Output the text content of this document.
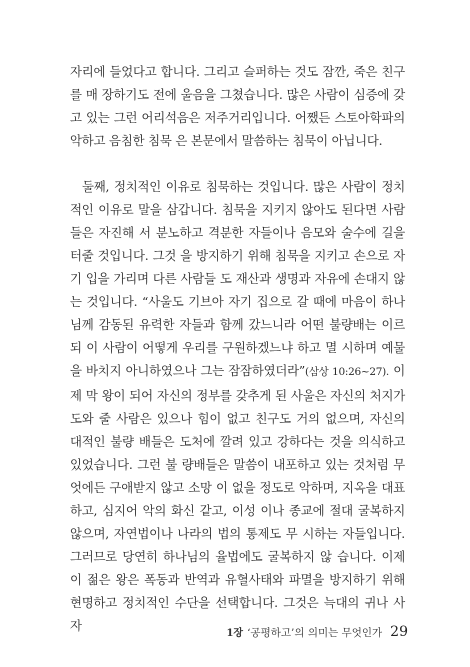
자리에 들었다고 합니다. 그리고 슬퍼하는 것도 잠깐, 죽은 친구를 매 장하기도 전에 울음을 그쳤습니다. 많은 사람이 심증에 갖고 있는 그런 어리석음은 저주거리입니다. 어쨌든 스토아학파의 악하고 음침한 침묵 은 본문에서 말씀하는 침묵이 아닙니다.
둘째, 정치적인 이유로 침묵하는 것입니다. 많은 사람이 정치적인 이유로 말을 삼갑니다. 침묵을 지키지 않아도 된다면 사람들은 자진해 서 분노하고 격분한 자들이나 음모와 술수에 길을 터줄 것입니다. 그것 을 방지하기 위해 침묵을 지키고 손으로 자기 입을 가리며 다른 사람들 도 재산과 생명과 자유에 손대지 않는 것입니다. “사울도 기브아 자기 집으로 갈 때에 마음이 하나님께 감동된 유력한 자들과 함께 갔느니라 어떤 불량배는 이르되 이 사람이 어떻게 우리를 구원하겠느냐 하고 멸 시하며 예물을 바치지 아니하였으나 그는 잠잠하였더라”(삼상 10:26~27). 이제 막 왕이 되어 자신의 정부를 갖추게 된 사울은 자신의 처지가 도와 줄 사람은 있으나 힘이 없고 친구도 거의 없으며, 자신의 대적인 불량 배들은 도처에 깔려 있고 강하다는 것을 의식하고 있었습니다. 그런 불 량배들은 말씀이 내포하고 있는 것처럼 무엇에든 구애받지 않고 소망 이 없을 정도로 악하며, 지옥을 대표하고, 심지어 악의 화신 같고, 이성 이나 종교에 절대 굴복하지 않으며, 자연법이나 나라의 법의 통제도 무 시하는 자들입니다. 그러므로 당연히 하나님의 율법에도 굴복하지 않 습니다. 이제 이 젊은 왕은 폭동과 반역과 유혈사태와 파멸을 방지하기 위해 현명하고 정치적인 수단을 선택합니다. 그것은 늑대의 귀나 사자
1장 ‘공평하고’의 의미는 무엇인가 29
